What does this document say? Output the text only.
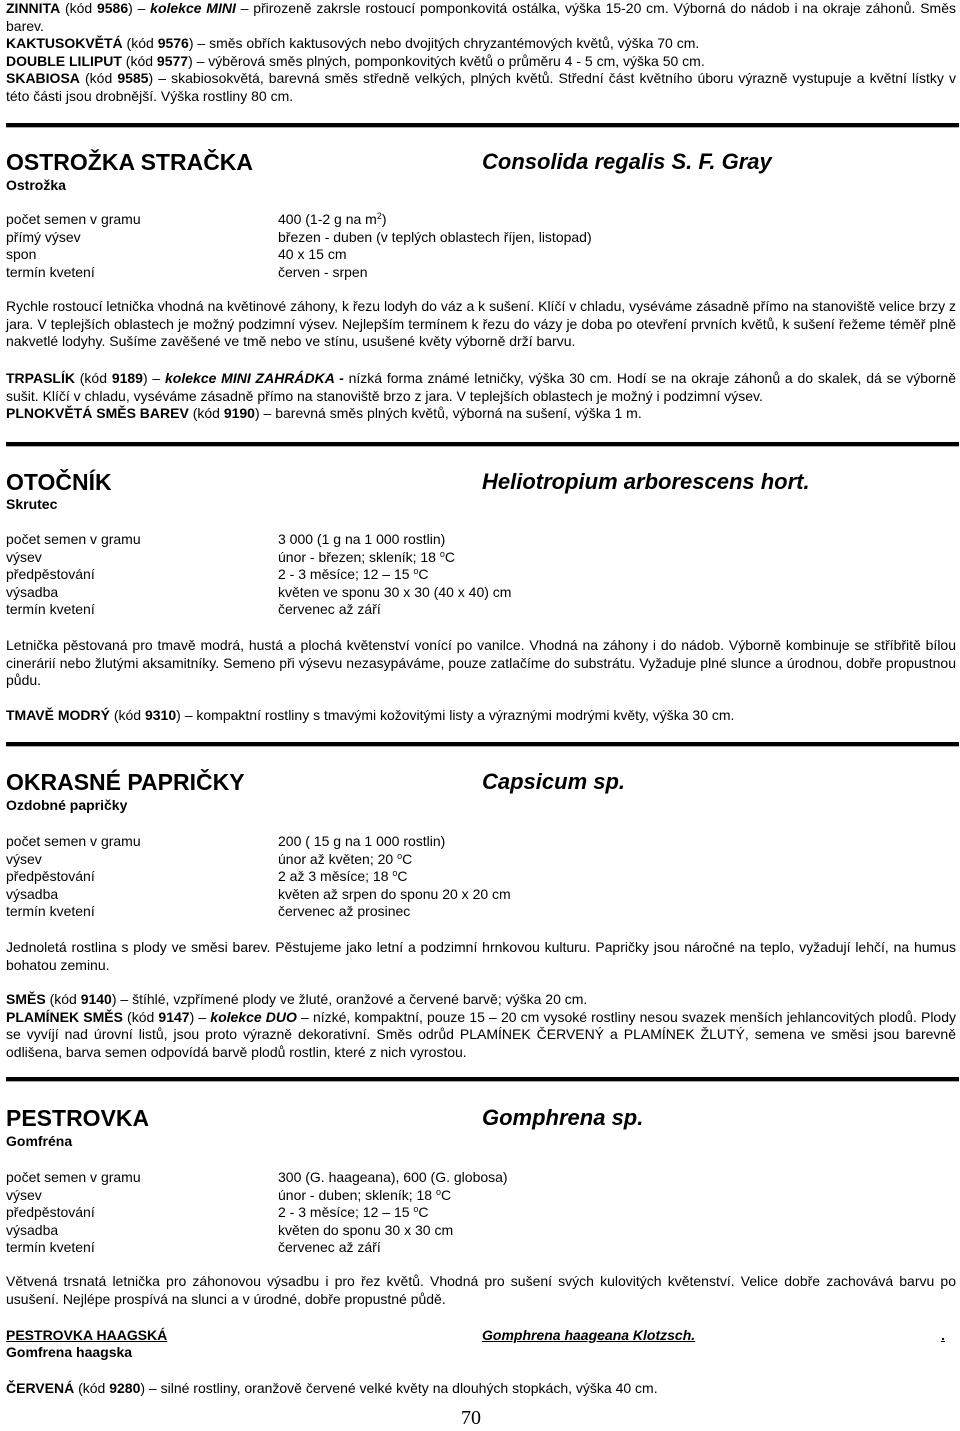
ZINNITA (kód 9586) – kolekce MINI – přirozeně zakrsle rostoucí pomponkovitá ostálka, výška 15-20 cm. Výborná do nádob i na okraje záhonů. Směs barev.

KAKTUSOKVĚTÁ (kód 9576) – směs obřích kaktusových nebo dvojitých chryzantémových květů, výška 70 cm.

DOUBLE LILIPUT (kód 9577) – výběrová směs plných, pomponkovitých květů o průměru 4 - 5 cm, výška 50 cm.

SKABIOSA (kód 9585) – skabiosokvětá, barevná směs středně velkých, plných květů. Střední část květního úboru výrazně vystupuje a květní lístky v této části jsou drobnější. Výška rostliny 80 cm.

OSTROŽKA STRAČKA	Consolida regalis S. F. Gray
Ostrožka
počet semen v gramu	400 (1-2 g na $m^2$)
přímý výsev	březen - duben (v teplých oblastech říjen, listopad)
spon	40 x 15 cm
termín kvetení	červen - srpen

Rychle rostoucí letnička vhodná na květinové záhony, k řezu lodyh do váz a k sušení. Klíčí v chladu, vyséváme zásadně přímo na stanoviště velice brzy z jara. V teplejších oblastech je možný podzimní výsev. Nejlepším termínem k řezu do vázy je doba po otevření prvních květů, k sušení řežeme téměř plně nakvetlé lodyhy. Sušíme zavěšené ve tmě nebo ve stínu, usušené květy výborně drží barvu.

TRPASLÍK (kód 9189) – kolekce MINI ZAHRÁDKA - nízká forma známé letničky, výška 30 cm. Hodí se na okraje záhonů a do skalek, dá se výborně sušit. Klíčí v chladu, vyséváme zásadně přímo na stanoviště brzo z jara. V teplejších oblastech je možný i podzimní výsev.

PLNOKVĚTÁ SMĚS BAREV (kód 9190) – barevná směs plných květů, výborná na sušení, výška 1 m.

OTOČNÍK	Heliotropium arborescens hort.
Skrutec
počet semen v gramu	3 000 (1 g na 1 000 rostlin)
výsev	únor - březen; skleník; 18 $^o$C
předpěstování	2 - 3 měsíce; 12 – 15 $^o$C
výsadba	květen ve sponu 30 x 30 (40 x 40) cm
termín kvetení	červenec až září

Letnička pěstovaná pro tmavě modrá, hustá a plochá květenství vonící po vanilce. Vhodná na záhony i do nádob. Výborně kombinuje se stříbřitě bílou cinerárií nebo žlutými aksamitníky. Semeno při výsevu nezasypáváme, pouze zatlačíme do substrátu. Vyžaduje plné slunce a úrodnou, dobře propustnou půdu.

TMAVĚ MODRÝ (kód 9310) – kompaktní rostliny s tmavými kožovitými listy a výraznými modrými květy, výška 30 cm.

OKRASNÉ PAPRIČKY	Capsicum sp.
Ozdobné papričky
počet semen v gramu	200 ( 15 g na 1 000 rostlin)
výsev	únor až květen; 20 $^o$C
předpěstování	2 až 3 měsíce; 18 $^o$C
výsadba	květen až srpen do sponu 20 x 20 cm
termín kvetení	červenec až prosinec

Jednoletá rostlina s plody ve směsi barev. Pěstujeme jako letní a podzimní hrnkovou kulturu. Papričky jsou náročné na teplo, vyžadují lehčí, na humus bohatou zeminu.

SMĚS (kód 9140) – štíhlé, vzpřímené plody ve žluté, oranžové a červené barvě; výška 20 cm.

PLAMÍNEK SMĚS (kód 9147) – kolekce DUO – nízké, kompaktní, pouze 15 – 20 cm vysoké rostliny nesou svazek menších jehlancovitých plodů. Plody se vyvíjí nad úrovní listů, jsou proto výrazně dekorativní. Směs odrůd PLAMÍNEK ČERVENÝ a PLAMÍNEK ŽLUTÝ, semena ve směsi jsou barevně odlišena, barva semen odpovídá barvě plodů rostlin, které z nich vyrostou.

PESTROVKA	Gomphrena sp.
Gomfréna
počet semen v gramu	300 (G. haageana), 600 (G. globosa)
výsev	únor - duben; skleník; 18 $^o$C
předpěstování	2 - 3 měsíce; 12 – 15 $^o$C
výsadba	květen do sponu 30 x 30 cm
termín kvetení	červenec až září

Větvená trsnatá letnička pro záhonovou výsadbu i pro řez květů. Vhodná pro sušení svých kulovitých květenství. Velice dobře zachovává barvu po usušení. Nejlépe prospívá na slunci a v úrodné, dobře propustné půdě.

PESTROVKA HAAGSKÁ	Gomphrena haageana Klotzsch.	.
Gomfrena haagska

ČERVENÁ (kód 9280) – silné rostliny, oranžově červené velké květy na dlouhých stopkách, výška 40 cm.

70
